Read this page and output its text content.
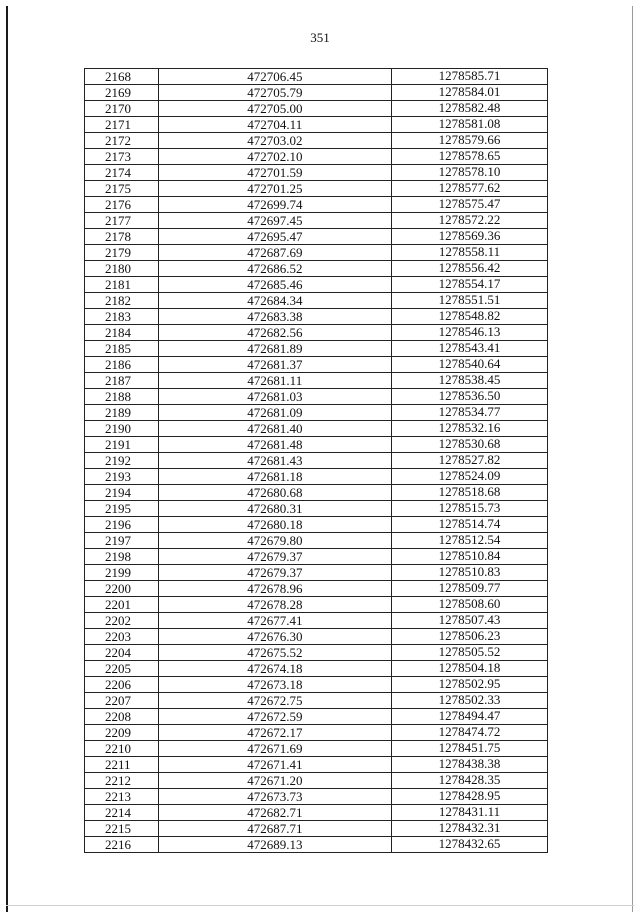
351
2168	472706.45	1278585.71
2169	472705.79	1278584.01
2170	472705.00	1278582.48
2171	472704.11	1278581.08
2172	472703.02	1278579.66
2173	472702.10	1278578.65
2174	472701.59	1278578.10
2175	472701.25	1278577.62
2176	472699.74	1278575.47
2177	472697.45	1278572.22
2178	472695.47	1278569.36
2179	472687.69	1278558.11
2180	472686.52	1278556.42
2181	472685.46	1278554.17
2182	472684.34	1278551.51
2183	472683.38	1278548.82
2184	472682.56	1278546.13
2185	472681.89	1278543.41
2186	472681.37	1278540.64
2187	472681.11	1278538.45
2188	472681.03	1278536.50
2189	472681.09	1278534.77
2190	472681.40	1278532.16
2191	472681.48	1278530.68
2192	472681.43	1278527.82
2193	472681.18	1278524.09
2194	472680.68	1278518.68
2195	472680.31	1278515.73
2196	472680.18	1278514.74
2197	472679.80	1278512.54
2198	472679.37	1278510.84
2199	472679.37	1278510.83
2200	472678.96	1278509.77
2201	472678.28	1278508.60
2202	472677.41	1278507.43
2203	472676.30	1278506.23
2204	472675.52	1278505.52
2205	472674.18	1278504.18
2206	472673.18	1278502.95
2207	472672.75	1278502.33
2208	472672.59	1278494.47
2209	472672.17	1278474.72
2210	472671.69	1278451.75
2211	472671.41	1278438.38
2212	472671.20	1278428.35
2213	472673.73	1278428.95
2214	472682.71	1278431.11
2215	472687.71	1278432.31
2216	472689.13	1278432.65
